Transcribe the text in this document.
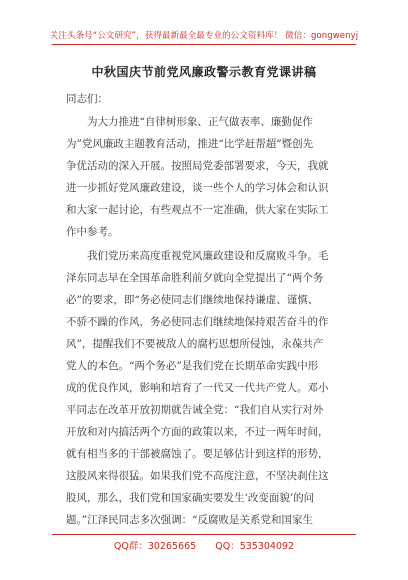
关注头条号“公文研究”，获得最新最全最专业的公文资料库！ 微信：gongwenyj
中秋国庆节前党风廉政警示教育党课讲稿
同志们：
为大力推进“自律树形象、正气做表率、廉勤促作
为”党风廉政主题教育活动，推进“比学赶帮超”暨创先
争优活动的深入开展。按照局党委部署要求，今天，我就
进一步抓好党风廉政建设，谈一些个人的学习体会和认识
和大家一起讨论，有些观点不一定准确，供大家在实际工
作中参考。
我们党历来高度重视党风廉政建设和反腐败斗争。毛
泽东同志早在全国革命胜利前夕就向全党提出了“两个务
必”的要求，即“务必使同志们继续地保持谦虚、谨慎、
不骄不躁的作风，务必使同志们继续地保持艰苦奋斗的作
风”，提醒我们不要被敌人的腐朽思想所侵蚀，永葆共产
党人的本色。“两个务必”是我们党在长期革命实践中形
成的优良作风，影响和培育了一代又一代共产党人。邓小
平同志在改革开放初期就告诫全党：“我们自从实行对外
开放和对内搞活两个方面的政策以来，不过一两年时间，
就有相当多的干部被腐蚀了。要足够估计到这样的形势，
这股风来得很猛。如果我们党不高度注意，不坚决刹住这
股风，那么，我们党和国家确实要发生‘改变面貌’的问
题。”江泽民同志多次强调：“反腐败是关系党和国家生
QQ群：30265665 QQ：535304092
